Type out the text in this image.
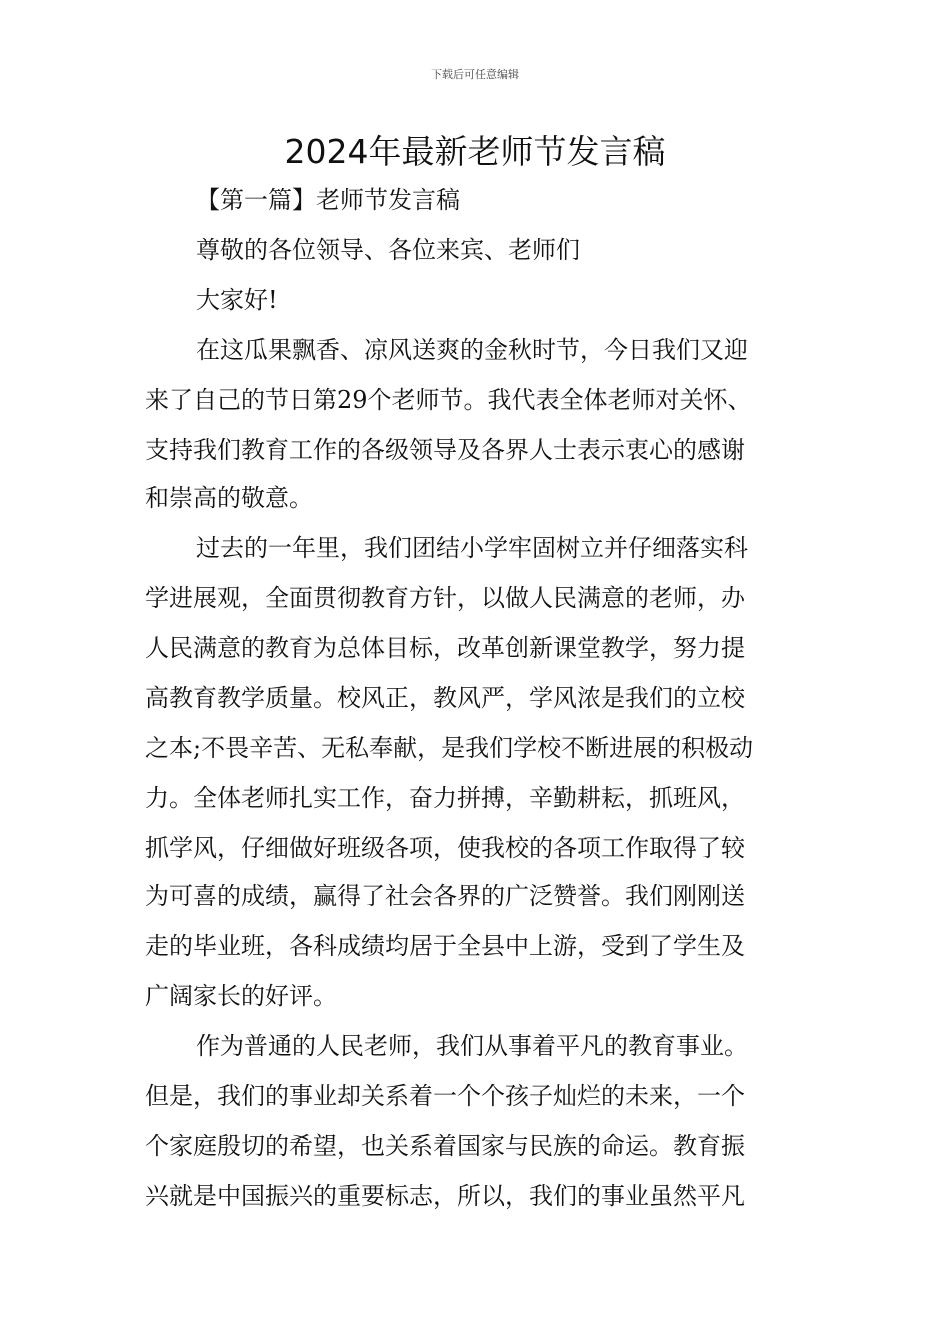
下载后可任意编辑
2024年最新老师节发言稿
【第一篇】老师节发言稿
尊敬的各位领导、各位来宾、老师们
大家好!
在这瓜果飘香、凉风送爽的金秋时节，今日我们又迎
来了自己的节日第29个老师节。我代表全体老师对关怀、
支持我们教育工作的各级领导及各界人士表示衷心的感谢
和崇高的敬意。
过去的一年里，我们团结小学牢固树立并仔细落实科
学进展观，全面贯彻教育方针，以做人民满意的老师，办
人民满意的教育为总体目标，改革创新课堂教学，努力提
高教育教学质量。校风正，教风严，学风浓是我们的立校
之本;不畏辛苦、无私奉献，是我们学校不断进展的积极动
力。全体老师扎实工作，奋力拼搏，辛勤耕耘，抓班风，
抓学风，仔细做好班级各项，使我校的各项工作取得了较
为可喜的成绩，赢得了社会各界的广泛赞誉。我们刚刚送
走的毕业班，各科成绩均居于全县中上游，受到了学生及
广阔家长的好评。
作为普通的人民老师，我们从事着平凡的教育事业。
但是，我们的事业却关系着一个个孩子灿烂的未来，一个
个家庭殷切的希望，也关系着国家与民族的命运。教育振
兴就是中国振兴的重要标志，所以，我们的事业虽然平凡
